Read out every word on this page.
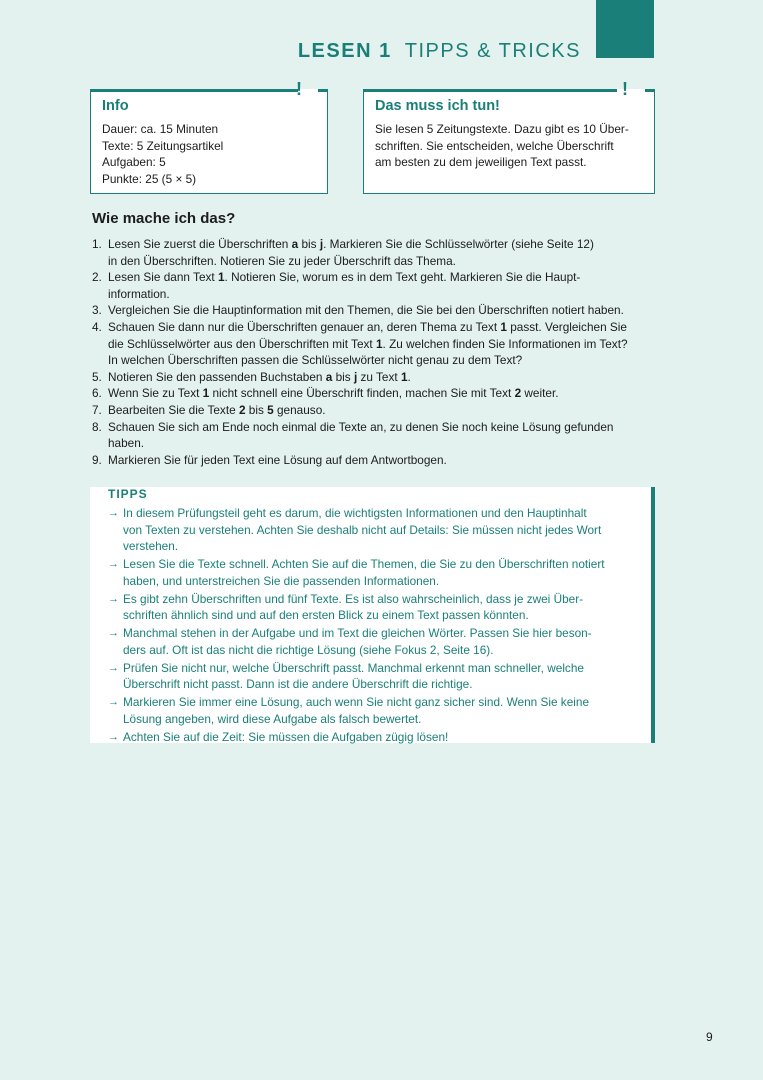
LESEN 1 TIPPS & TRICKS
!
Info
Dauer: ca. 15 Minuten
Texte: 5 Zeitungsartikel
Aufgaben: 5
Punkte: 25 (5 × 5)
!
Das muss ich tun!
Sie lesen 5 Zeitungstexte. Dazu gibt es 10 Über-
schriften. Sie entscheiden, welche Überschrift
am besten zu dem jeweiligen Text passt.
Wie mache ich das?
1. Lesen Sie zuerst die Überschriften a bis j. Markieren Sie die Schlüsselwörter (siehe Seite 12)
in den Überschriften. Notieren Sie zu jeder Überschrift das Thema.
2. Lesen Sie dann Text 1. Notieren Sie, worum es in dem Text geht. Markieren Sie die Haupt-
information.
3. Vergleichen Sie die Hauptinformation mit den Themen, die Sie bei den Überschriften notiert haben.
4. Schauen Sie dann nur die Überschriften genauer an, deren Thema zu Text 1 passt. Vergleichen Sie
die Schlüsselwörter aus den Überschriften mit Text 1. Zu welchen finden Sie Informationen im Text?
In welchen Überschriften passen die Schlüsselwörter nicht genau zu dem Text?
5. Notieren Sie den passenden Buchstaben a bis j zu Text 1.
6. Wenn Sie zu Text 1 nicht schnell eine Überschrift finden, machen Sie mit Text 2 weiter.
7. Bearbeiten Sie die Texte 2 bis 5 genauso.
8. Schauen Sie sich am Ende noch einmal die Texte an, zu denen Sie noch keine Lösung gefunden
haben.
9. Markieren Sie für jeden Text eine Lösung auf dem Antwortbogen.
TIPPS
→ In diesem Prüfungsteil geht es darum, die wichtigsten Informationen und den Hauptinhalt
von Texten zu verstehen. Achten Sie deshalb nicht auf Details: Sie müssen nicht jedes Wort
verstehen.
→ Lesen Sie die Texte schnell. Achten Sie auf die Themen, die Sie zu den Überschriften notiert
haben, und unterstreichen Sie die passenden Informationen.
→ Es gibt zehn Überschriften und fünf Texte. Es ist also wahrscheinlich, dass je zwei Über-
schriften ähnlich sind und auf den ersten Blick zu einem Text passen könnten.
→ Manchmal stehen in der Aufgabe und im Text die gleichen Wörter. Passen Sie hier beson-
ders auf. Oft ist das nicht die richtige Lösung (siehe Fokus 2, Seite 16).
→ Prüfen Sie nicht nur, welche Überschrift passt. Manchmal erkennt man schneller, welche
Überschrift nicht passt. Dann ist die andere Überschrift die richtige.
→ Markieren Sie immer eine Lösung, auch wenn Sie nicht ganz sicher sind. Wenn Sie keine
Lösung angeben, wird diese Aufgabe als falsch bewertet.
→ Achten Sie auf die Zeit: Sie müssen die Aufgaben zügig lösen!
9
